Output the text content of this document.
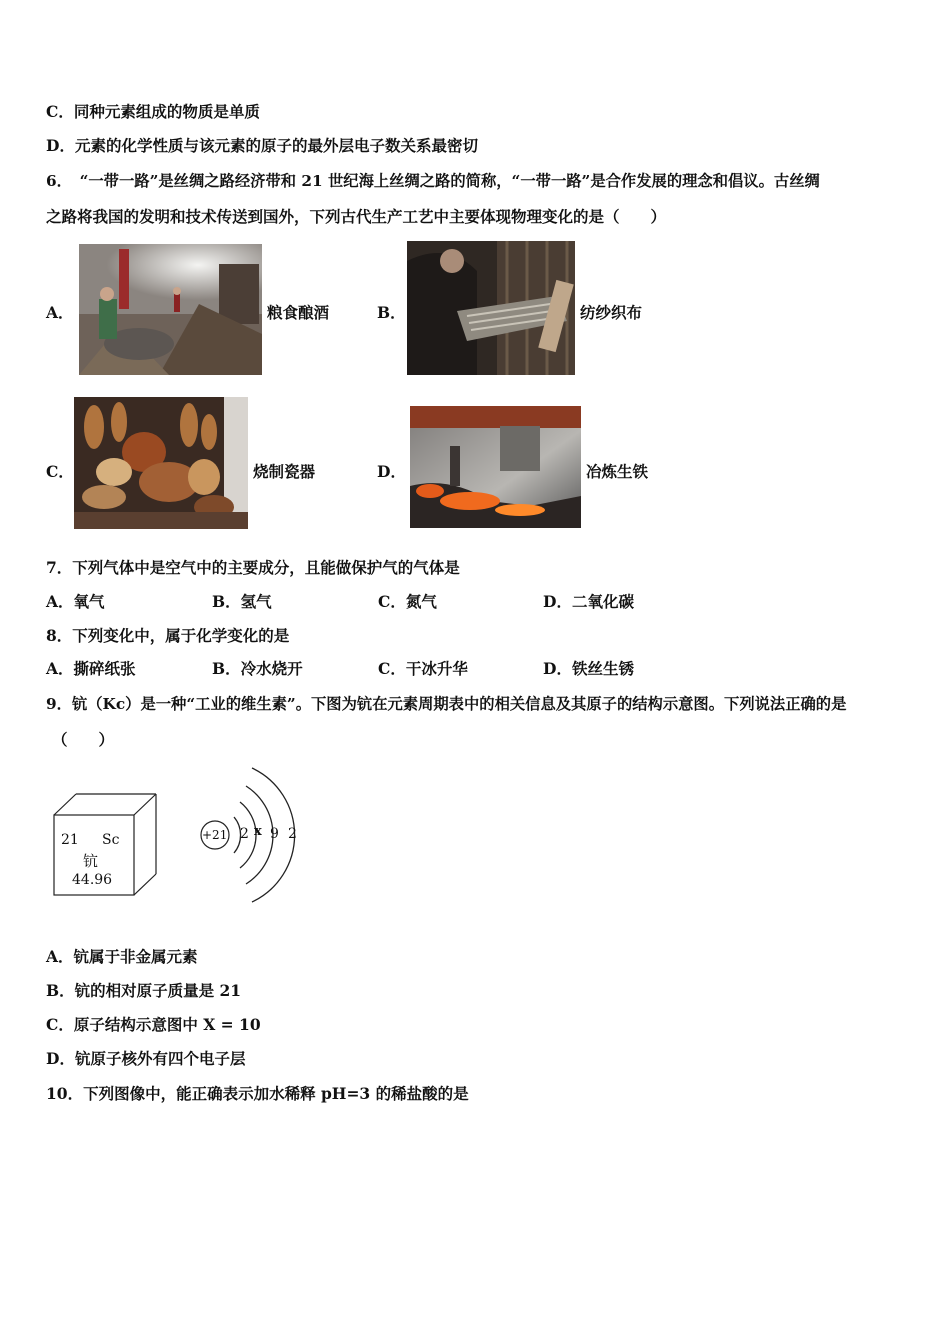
C．同种元素组成的物质是单质
D．元素的化学性质与该元素的原子的最外层电子数关系最密切
6．　“一带一路”是丝绸之路经济带和 21 世纪海上丝绸之路的简称，“一带一路”是合作发展的理念和倡议。古丝绸
之路将我国的发明和技术传送到国外，下列古代生产工艺中主要体现物理变化的是（　　）
A．	粮食酿酒	B．	纺纱织布
C．	烧制瓷器	D．	冶炼生铁
7．下列气体中是空气中的主要成分，且能做保护气的气体是
A．氧气	B．氢气	C．氮气	D．二氧化碳
8．下列变化中，属于化学变化的是
A．撕碎纸张	B．冷水烧开	C．干冰升华	D．铁丝生锈
9．钪（Kc）是一种“工业的维生素”。下图为钪在元素周期表中的相关信息及其原子的结构示意图。下列说法正确的是
（　　）
21 Sc
钪
44.96
+21 2 x 9 2
A．钪属于非金属元素
B．钪的相对原子质量是 21
C．原子结构示意图中 X = 10
D．钪原子核外有四个电子层
10．下列图像中，能正确表示加水稀释 pH=3 的稀盐酸的是
